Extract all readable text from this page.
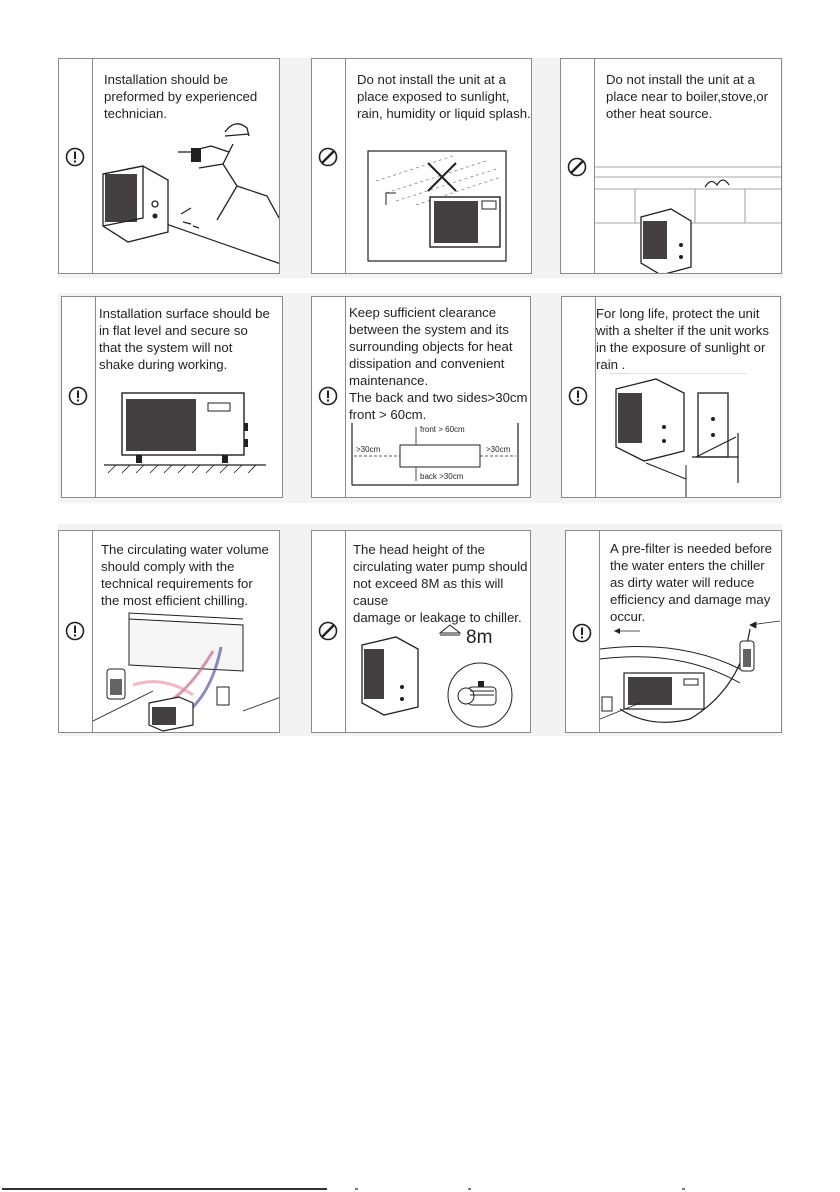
Installation should be
preformed by experienced
technician.
Do not install the unit at a
place exposed to sunlight,
rain, humidity or liquid splash.
Do not install the unit at a
place near to boiler,stove,or
other heat source.
Installation surface should be
in flat level and secure so
that the system will not
shake during working.
Keep sufficient clearance
between the system and its
surrounding objects for heat
dissipation and convenient
maintenance.
The back and two sides>30cm
front > 60cm.
front > 60cm
>30cm	>30cm
back >30cm
For long life, protect the unit
with a shelter if the unit works
in the exposure of sunlight or
rain .
The circulating water volume
should comply with the
technical requirements for
the most efficient chilling.
The head height of the
circulating water pump should
not exceed 8M as this will cause
damage or leakage to chiller.
8m
A pre-filter is needed before
the water enters the chiller
as dirty water will reduce
efficiency and damage may
occur.
